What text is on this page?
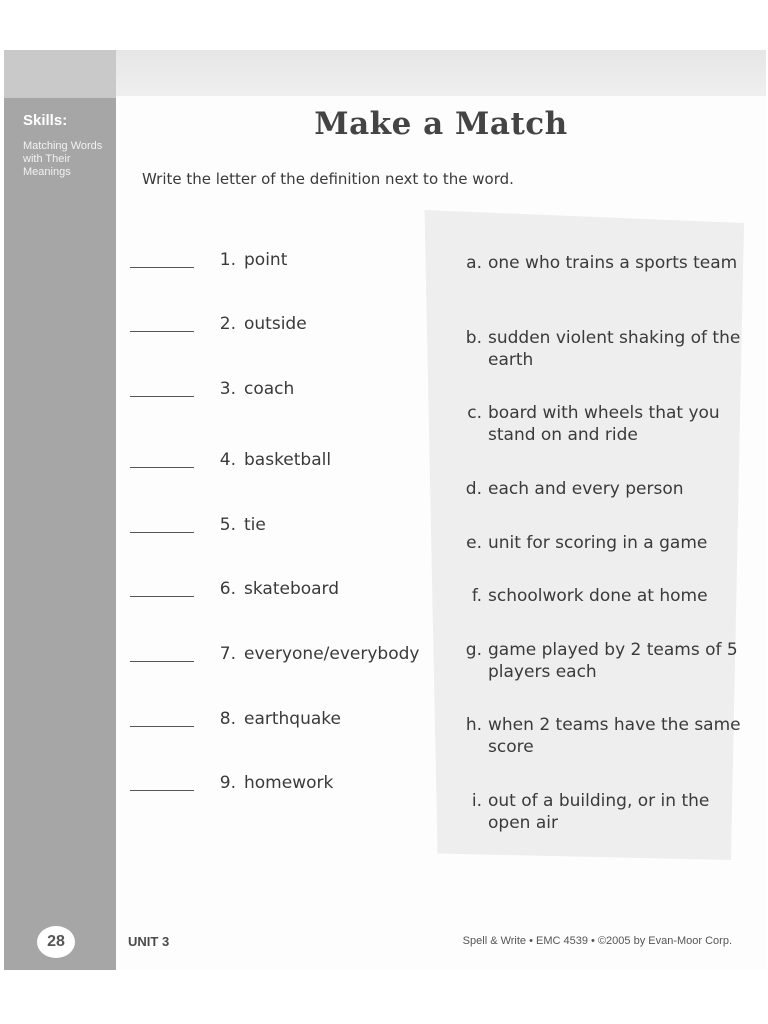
Skills:
Matching Words with Their Meanings
28
Make a Match
Write the letter of the definition next to the word.
1. point
2. outside
3. coach
4. basketball
5. tie
6. skateboard
7. everyone/everybody
8. earthquake
9. homework
a. one who trains a sports team
b. sudden violent shaking of the earth
c. board with wheels that you stand on and ride
d. each and every person
e. unit for scoring in a game
f. schoolwork done at home
g. game played by 2 teams of 5 players each
h. when 2 teams have the same score
i. out of a building, or in the open air
UNIT 3	Spell & Write • EMC 4539 • ©2005 by Evan-Moor Corp.
